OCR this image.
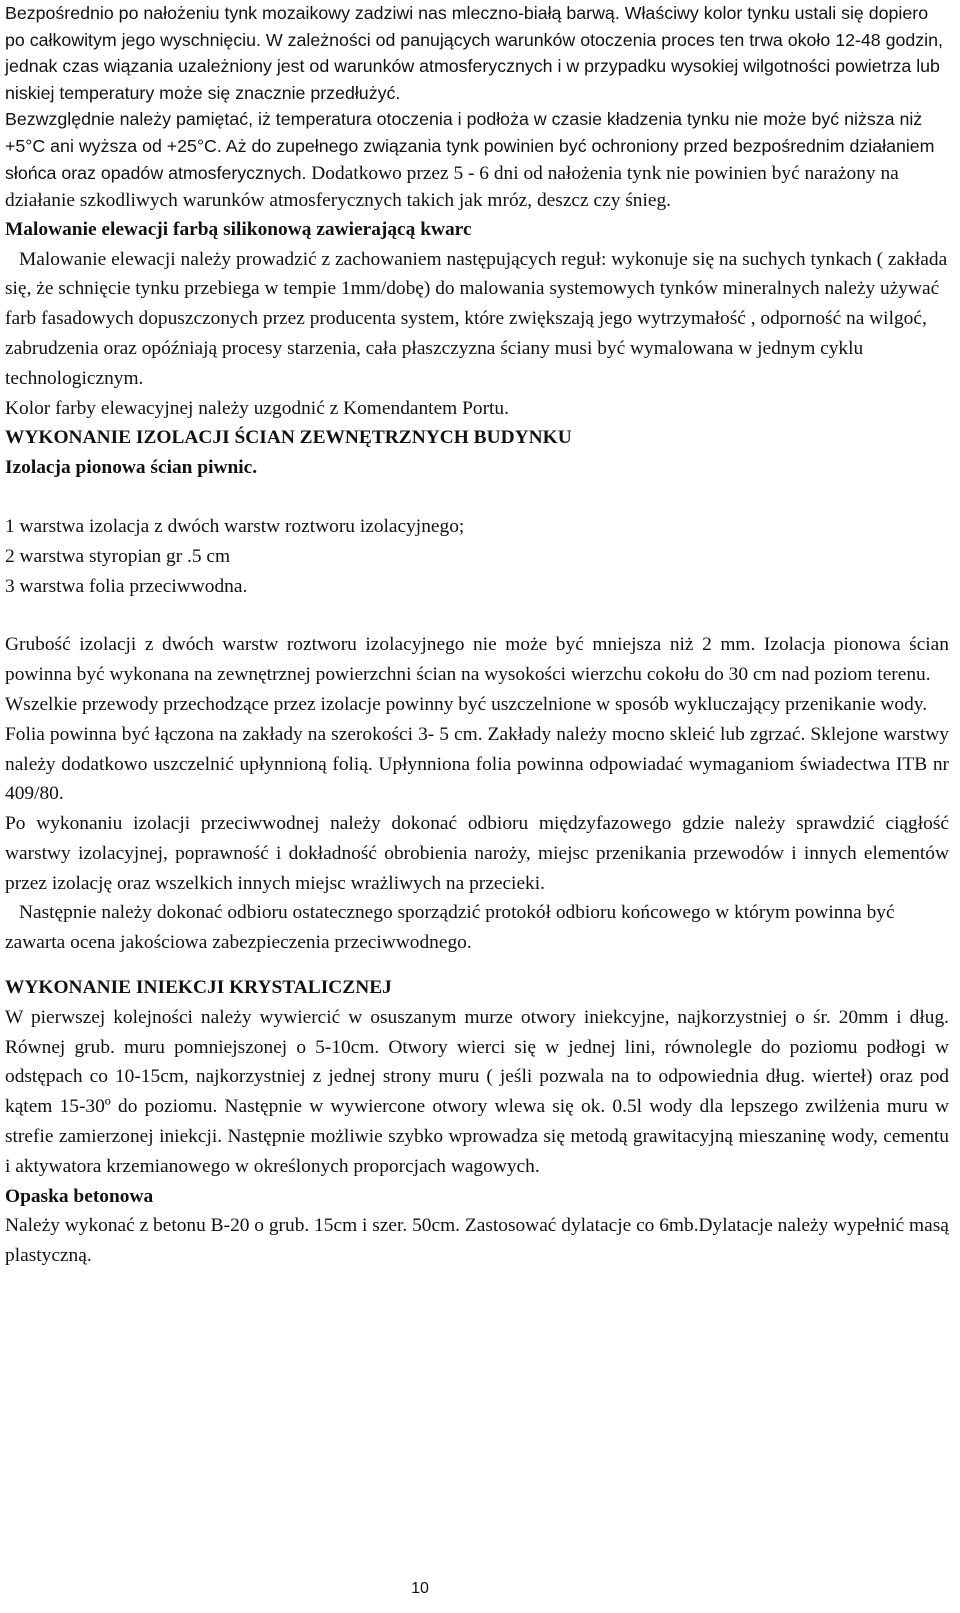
Bezpośrednio po nałożeniu tynk mozaikowy zadziwi nas mleczno-białą barwą. Właściwy kolor tynku ustali się dopiero po całkowitym jego wyschnięciu. W zależności od panujących warunków otoczenia proces ten trwa około 12-48 godzin, jednak czas wiązania uzależniony jest od warunków atmosferycznych i w przypadku wysokiej wilgotności powietrza lub niskiej temperatury może się znacznie przedłużyć.

Bezwzględnie należy pamiętać, iż temperatura otoczenia i podłoża w czasie kładzenia tynku nie może być niższa niż +5°C ani wyższa od +25°C. Aż do zupełnego związania tynk powinien być ochroniony przed bezpośrednim działaniem słońca oraz opadów atmosferycznych. Dodatkowo przez 5 - 6 dni od nałożenia tynk nie powinien być narażony na działanie szkodliwych warunków atmosferycznych takich jak mróz, deszcz czy śnieg.

Malowanie elewacji farbą silikonową zawierającą kwarc

Malowanie elewacji należy prowadzić z zachowaniem następujących reguł: wykonuje się na suchych tynkach ( zakłada się, że schnięcie tynku przebiega w tempie 1mm/dobę) do malowania systemowych tynków mineralnych należy używać farb fasadowych dopuszczonych przez producenta system, które zwiększają jego wytrzymałość , odporność na wilgoć, zabrudzenia oraz opóźniają procesy starzenia, cała płaszczyzna ściany musi być wymalowana w jednym cyklu technologicznym.

Kolor farby elewacyjnej należy uzgodnić z Komendantem Portu.

WYKONANIE IZOLACJI ŚCIAN ZEWNĘTRZNYCH BUDYNKU

Izolacja pionowa ścian piwnic.

1 warstwa izolacja z dwóch warstw roztworu izolacyjnego;

2 warstwa styropian gr .5 cm

3 warstwa folia przeciwwodna.

Grubość izolacji z dwóch warstw roztworu izolacyjnego nie może być mniejsza niż 2 mm. Izolacja pionowa ścian powinna być wykonana na zewnętrznej powierzchni ścian na wysokości wierzchu cokołu do 30 cm nad poziom terenu.

Wszelkie przewody przechodzące przez izolacje powinny być uszczelnione w sposób wykluczający przenikanie wody.

Folia powinna być łączona na zakłady na szerokości 3- 5 cm. Zakłady należy mocno skleić lub zgrzać. Sklejone warstwy należy dodatkowo uszczelnić upłynnioną folią. Upłynniona folia powinna odpowiadać wymaganiom świadectwa ITB nr 409/80.

Po wykonaniu izolacji przeciwwodnej należy dokonać odbioru międzyfazowego gdzie należy sprawdzić ciągłość warstwy izolacyjnej, poprawność i dokładność obrobienia naroży, miejsc przenikania przewodów i innych elementów przez izolację oraz wszelkich innych miejsc wrażliwych na przecieki.

Następnie należy dokonać odbioru ostatecznego sporządzić protokół odbioru końcowego w którym powinna być zawarta ocena jakościowa zabezpieczenia przeciwwodnego.

WYKONANIE INIEKCJI KRYSTALICZNEJ

W pierwszej kolejności należy wywiercić w osuszanym murze otwory iniekcyjne, najkorzystniej o śr. 20mm i dług. Równej grub. muru pomniejszonej o 5-10cm. Otwory wierci się w jednej lini, równolegle do poziomu podłogi w odstępach co 10-15cm, najkorzystniej z jednej strony muru ( jeśli pozwala na to odpowiednia dług. wierteł) oraz pod kątem 15-30º do poziomu. Następnie w wywiercone otwory wlewa się ok. 0.5l wody dla lepszego zwilżenia muru w strefie zamierzonej iniekcji. Następnie możliwie szybko wprowadza się metodą grawitacyjną mieszaninę wody, cementu i aktywatora krzemianowego w określonych proporcjach wagowych.

Opaska betonowa

Należy wykonać z betonu B-20 o grub. 15cm i szer. 50cm. Zastosować dylatacje co 6mb.Dylatacje należy wypełnić masą plastyczną.

10
